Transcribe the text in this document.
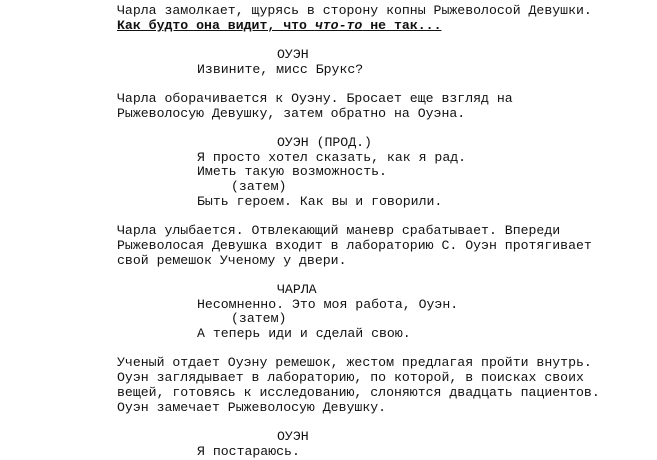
Чарла замолкает, щурясь в сторону копны Рыжеволосой Девушки.
Как будто она видит, что что-то не так...
ОУЭН
Извините, мисс Брукс?
Чарла оборачивается к Оуэну. Бросает еще взгляд на
Рыжеволосую Девушку, затем обратно на Оуэна.
ОУЭН (ПРОД.)
Я просто хотел сказать, как я рад.
Иметь такую возможность.
(затем)
Быть героем. Как вы и говорили.
Чарла улыбается. Отвлекающий маневр срабатывает. Впереди
Рыжеволосая Девушка входит в лабораторию С. Оуэн протягивает
свой ремешок Ученому у двери.
ЧАРЛА
Несомненно. Это моя работа, Оуэн.
(затем)
А теперь иди и сделай свою.
Ученый отдает Оуэну ремешок, жестом предлагая пройти внутрь.
Оуэн заглядывает в лабораторию, по которой, в поисках своих
вещей, готовясь к исследованию, слоняются двадцать пациентов.
Оуэн замечает Рыжеволосую Девушку.
ОУЭН
Я постараюсь.
